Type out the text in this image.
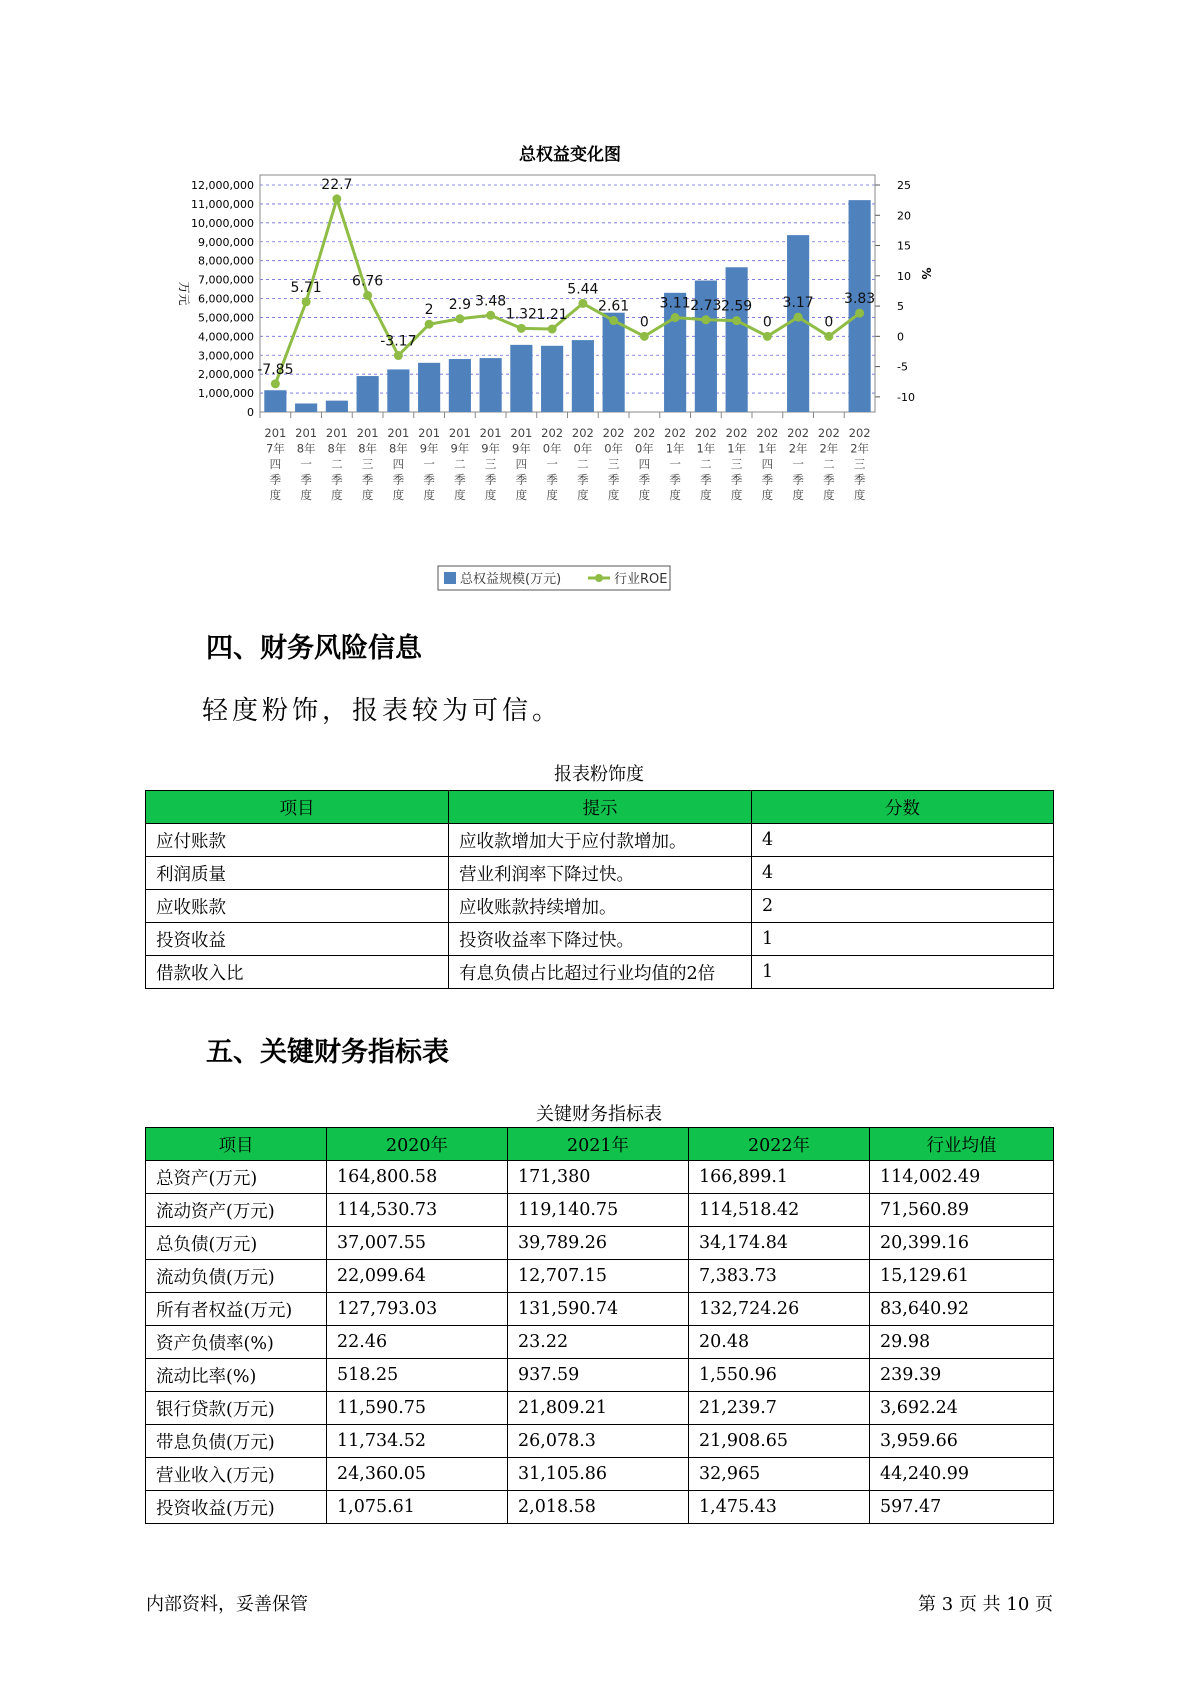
总权益变化图
0
1,000,000
2,000,000
3,000,000
4,000,000
5,000,000
6,000,000
7,000,000
8,000,000
9,000,000
10,000,000
11,000,000
12,000,000
-10
-5
0
5
10
15
20
25
万元
%
201
7年
四
季
度
201
8年
一
季
度
201
8年
二
季
度
201
8年
三
季
度
201
8年
四
季
度
201
9年
一
季
度
201
9年
二
季
度
201
9年
三
季
度
201
9年
四
季
度
202
0年
一
季
度
202
0年
二
季
度
202
0年
三
季
度
202
0年
四
季
度
202
1年
一
季
度
202
1年
二
季
度
202
1年
三
季
度
202
1年
四
季
度
202
2年
一
季
度
202
2年
二
季
度
202
2年
三
季
度
-7.85
5.71
22.7
6.76
-3.17
2 2.9 3.48
1.32 1.21
5.44
2.61
0
3.11 2.73 2.59
0
3.17
0
3.83
总权益规模(万元)	行业ROE
四、财务风险信息
轻度粉饰，报表较为可信。
报表粉饰度
项目	提示	分数
应付账款	应收款增加大于应付款增加。	4
利润质量	营业利润率下降过快。	4
应收账款	应收账款持续增加。	2
投资收益	投资收益率下降过快。	1
借款收入比	有息负债占比超过行业均值的2倍	1
五、关键财务指标表
关键财务指标表
项目	2020年	2021年	2022年	行业均值
总资产(万元)	164,800.58	171,380	166,899.1	114,002.49
流动资产(万元)	114,530.73	119,140.75	114,518.42	71,560.89
总负债(万元)	37,007.55	39,789.26	34,174.84	20,399.16
流动负债(万元)	22,099.64	12,707.15	7,383.73	15,129.61
所有者权益(万元)	127,793.03	131,590.74	132,724.26	83,640.92
资产负债率(%)	22.46	23.22	20.48	29.98
流动比率(%)	518.25	937.59	1,550.96	239.39
银行贷款(万元)	11,590.75	21,809.21	21,239.7	3,692.24
带息负债(万元)	11,734.52	26,078.3	21,908.65	3,959.66
营业收入(万元)	24,360.05	31,105.86	32,965	44,240.99
投资收益(万元)	1,075.61	2,018.58	1,475.43	597.47
内部资料，妥善保管	第 3 页 共 10 页
